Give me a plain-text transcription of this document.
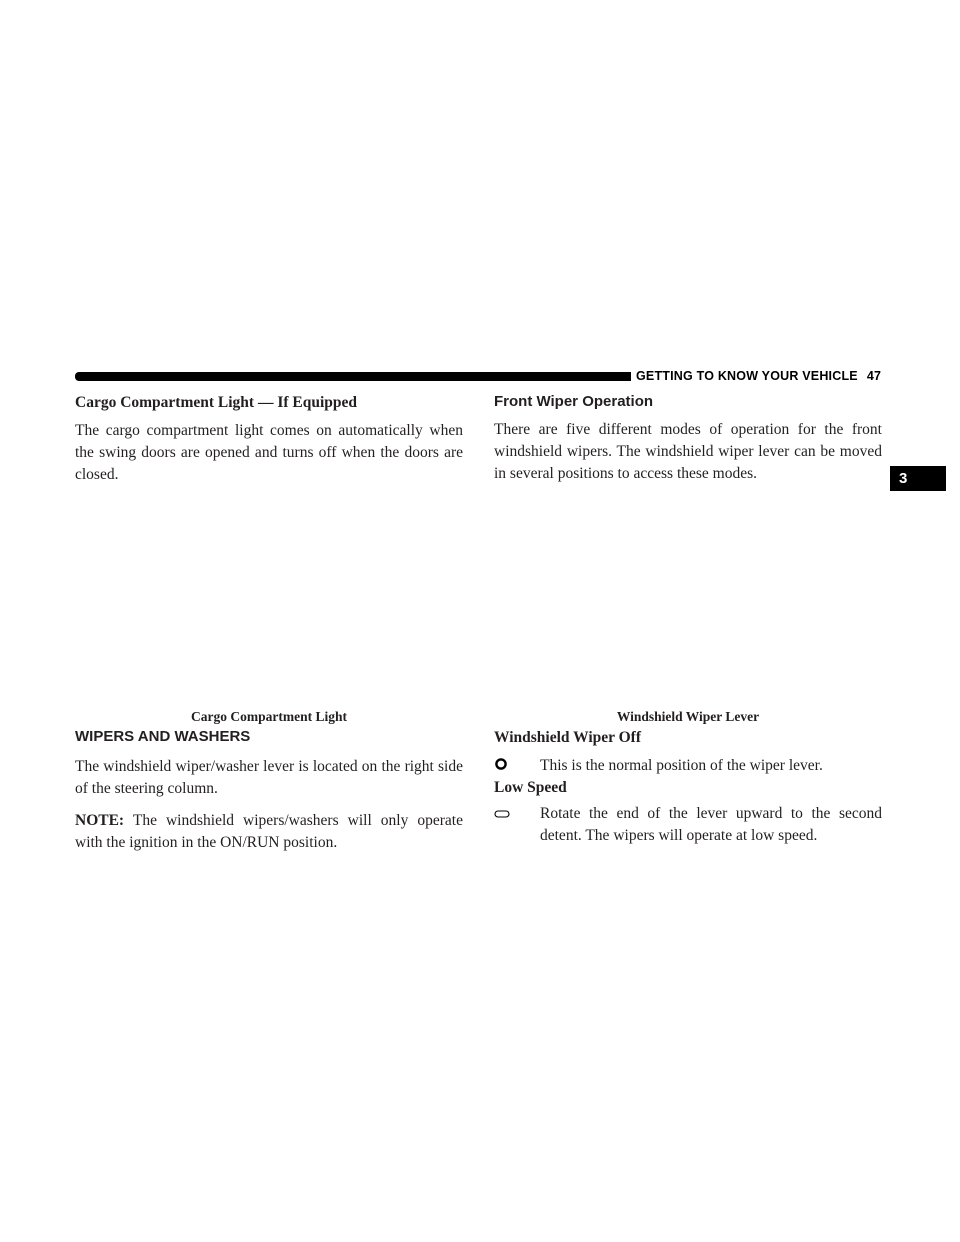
GETTING TO KNOW YOUR VEHICLE 47
3

Cargo Compartment Light — If Equipped

The cargo compartment light comes on automatically when the swing doors are opened and turns off when the doors are closed.

Cargo Compartment Light

WIPERS AND WASHERS

The windshield wiper/washer lever is located on the right side of the steering column.

NOTE: The windshield wipers/washers will only operate with the ignition in the ON/RUN position.

Front Wiper Operation

There are five different modes of operation for the front windshield wipers. The windshield wiper lever can be moved in several positions to access these modes.

Windshield Wiper Lever

Windshield Wiper Off

This is the normal position of the wiper lever.

Low Speed

Rotate the end of the lever upward to the second detent. The wipers will operate at low speed.
